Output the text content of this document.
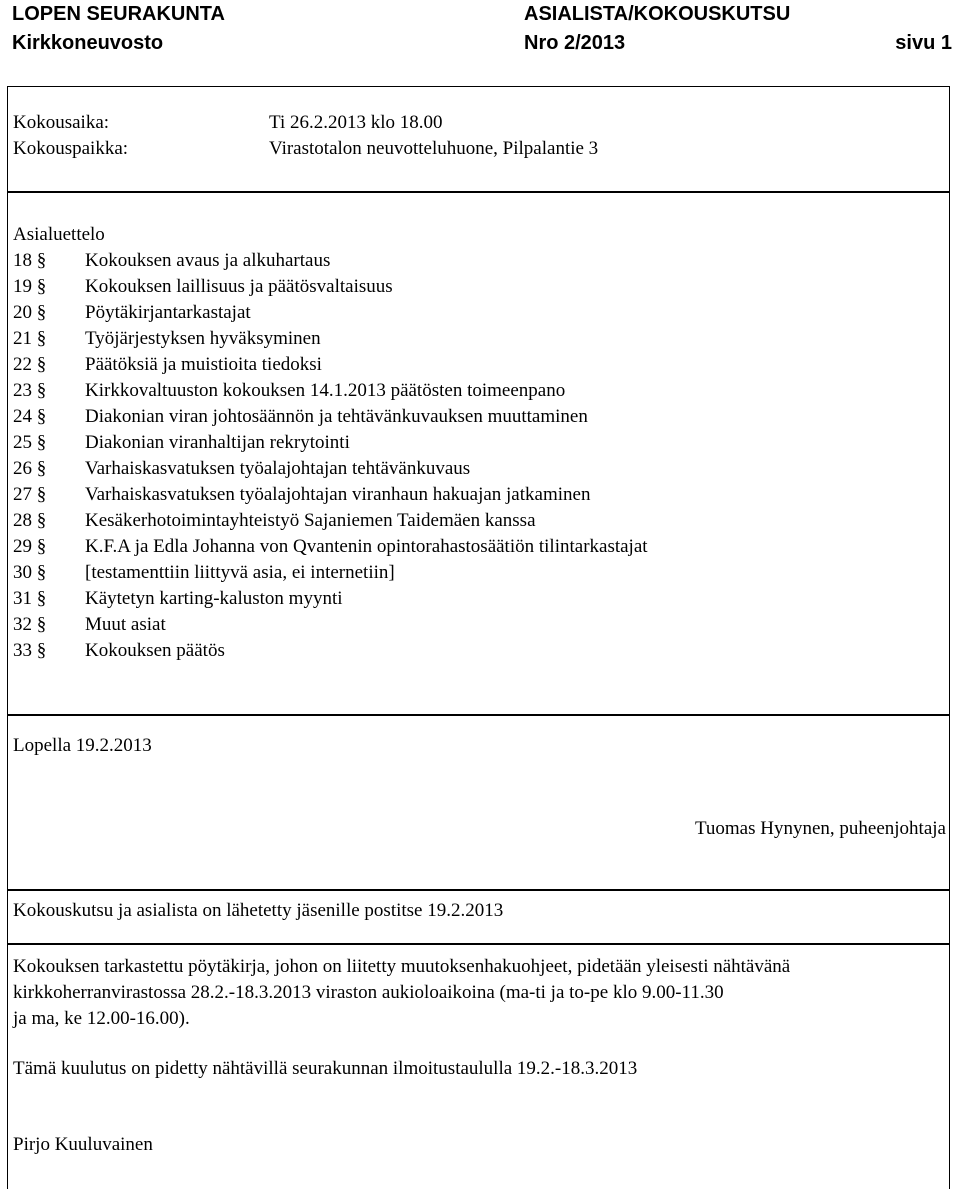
LOPEN SEURAKUNTA	ASIALISTA/KOKOUSKUTSU
Kirkkoneuvosto	Nro 2/2013	sivu 1
Kokousaika:	Ti 26.2.2013 klo 18.00
Kokouspaikka:	Virastotalon neuvotteluhuone, Pilpalantie 3
Asialuettelo
18 § Kokouksen avaus ja alkuhartaus
19 § Kokouksen laillisuus ja päätösvaltaisuus
20 § Pöytäkirjantarkastajat
21 § Työjärjestyksen hyväksyminen
22 § Päätöksiä ja muistioita tiedoksi
23 § Kirkkovaltuuston kokouksen 14.1.2013 päätösten toimeenpano
24 § Diakonian viran johtosäännön ja tehtävänkuvauksen muuttaminen
25 § Diakonian viranhaltijan rekrytointi
26 § Varhaiskasvatuksen työalajohtajan tehtävänkuvaus
27 § Varhaiskasvatuksen työalajohtajan viranhaun hakuajan jatkaminen
28 § Kesäkerhotoimintayhteistyö Sajaniemen Taidemäen kanssa
29 § K.F.A ja Edla Johanna von Qvantenin opintorahastosäätiön tilintarkastajat
30 § [testamenttiin liittyvä asia, ei internetiin]
31 § Käytetyn karting-kaluston myynti
32 § Muut asiat
33 § Kokouksen päätös
Lopella 19.2.2013
Tuomas Hynynen, puheenjohtaja
Kokouskutsu ja asialista on lähetetty jäsenille postitse 19.2.2013
Kokouksen tarkastettu pöytäkirja, johon on liitetty muutoksenhakuohjeet, pidetään yleisesti nähtävänä
kirkkoherranvirastossa 28.2.-18.3.2013 viraston aukioloaikoina (ma-ti ja to-pe klo 9.00-11.30
ja ma, ke 12.00-16.00).
Tämä kuulutus on pidetty nähtävillä seurakunnan ilmoitustaululla 19.2.-18.3.2013
Pirjo Kuuluvainen
